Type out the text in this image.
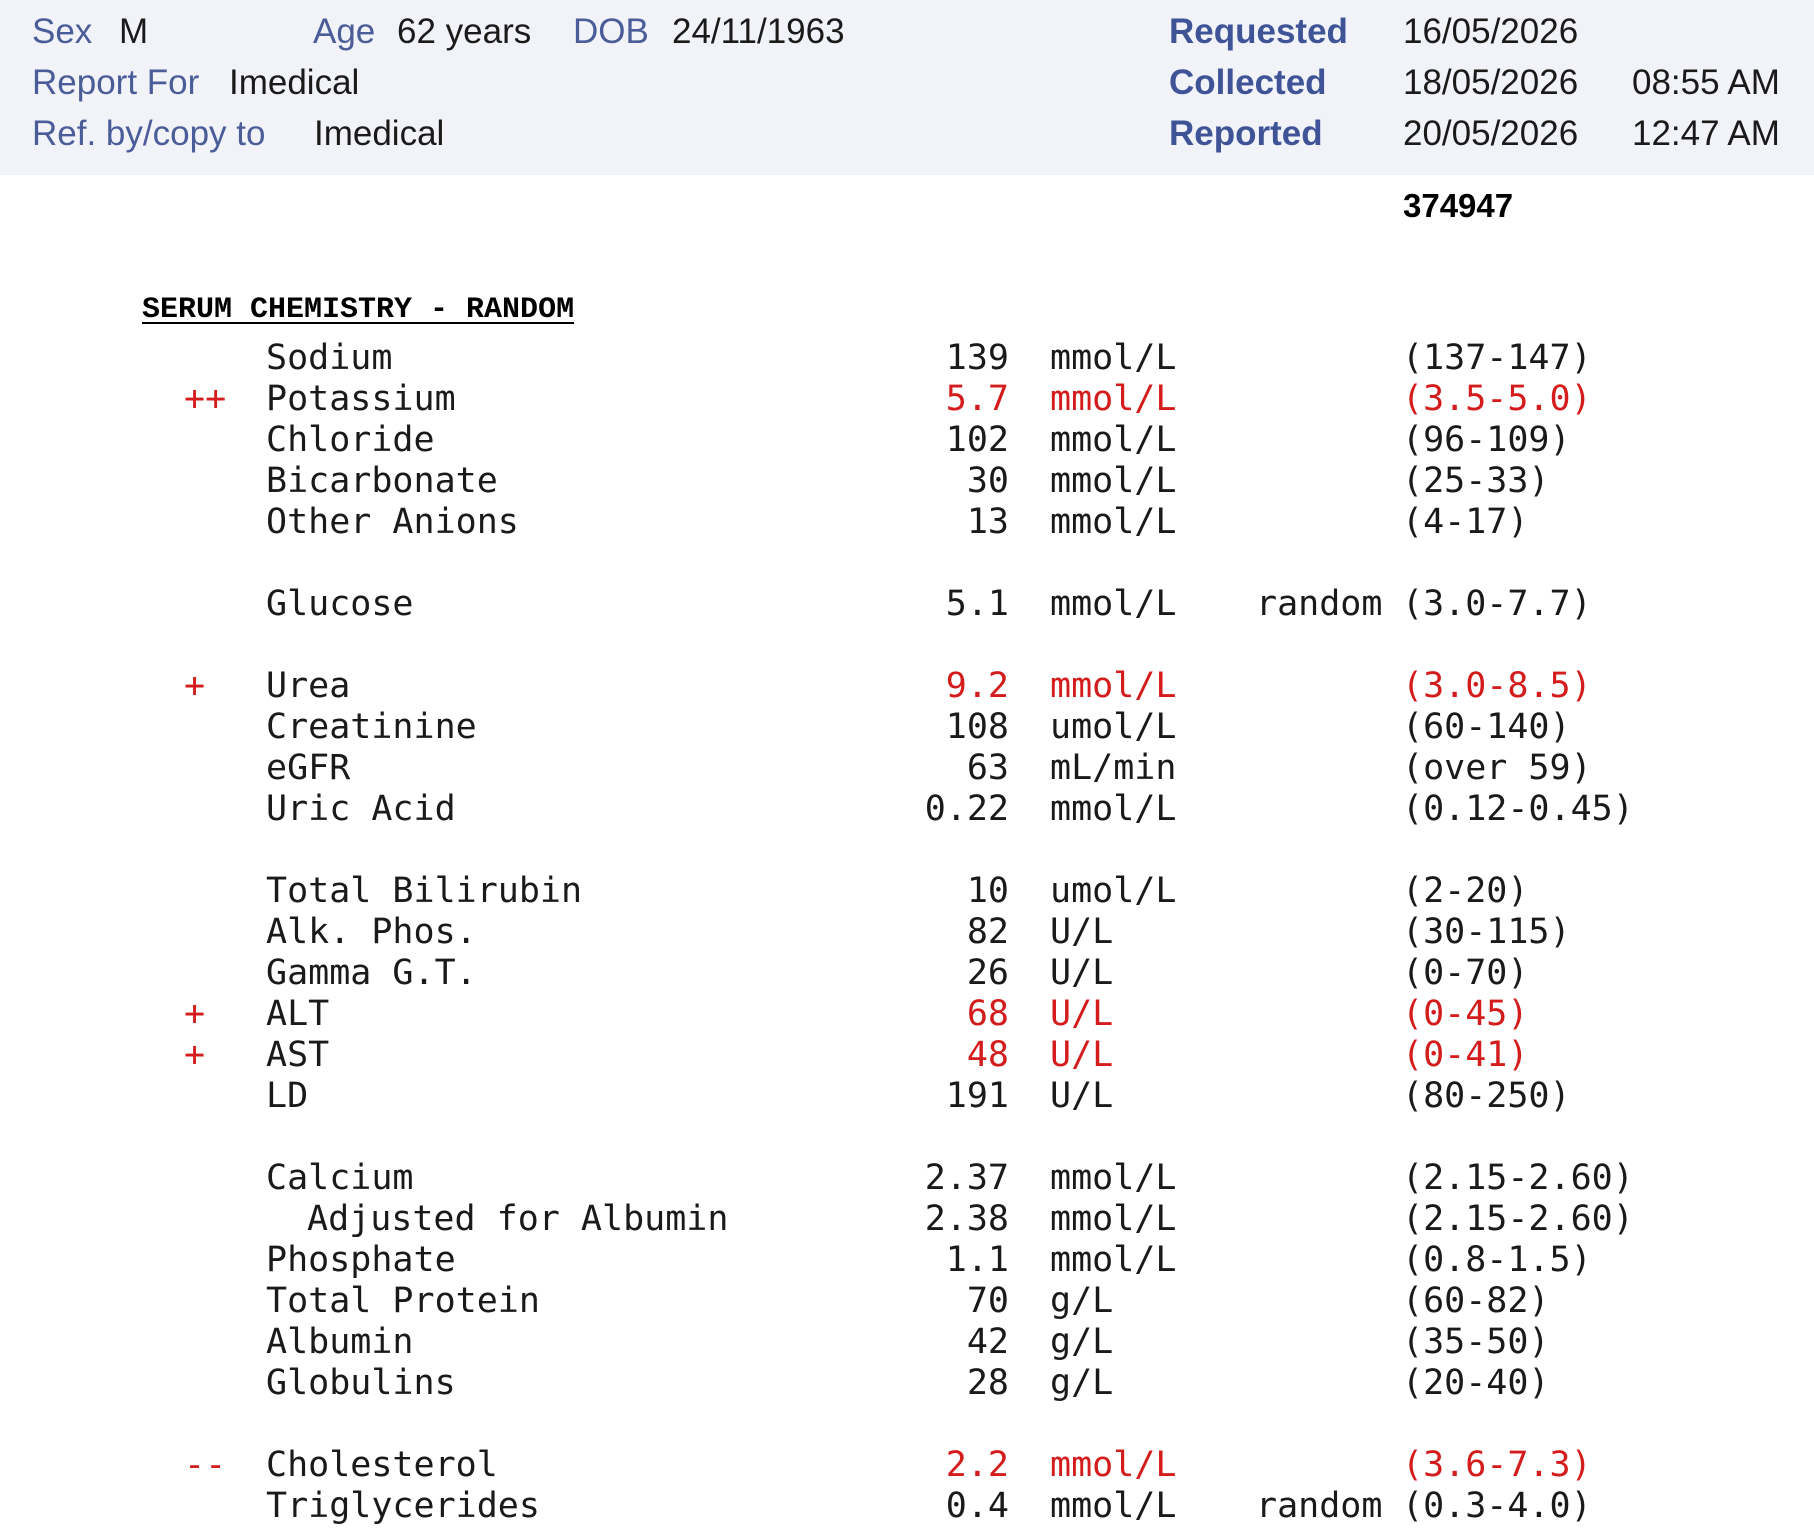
Sex M	Age 62 years DOB 24/11/1963
Report For Imedical
Ref. by/copy to Imedical
Requested 16/05/2026
Collected 18/05/2026 08:55 AM
Reported 20/05/2026 12:47 AM
374947
SERUM CHEMISTRY - RANDOM
Sodium	139 mmol/L	(137-147)
++ Potassium	5.7 mmol/L	(3.5-5.0)
Chloride	102 mmol/L	(96-109)
Bicarbonate	30 mmol/L	(25-33)
Other Anions	13 mmol/L	(4-17)
Glucose	5.1 mmol/L random (3.0-7.7)
+ Urea	9.2 mmol/L	(3.0-8.5)
Creatinine	108 umol/L	(60-140)
eGFR	63 mL/min	(over 59)
Uric Acid	0.22 mmol/L	(0.12-0.45)
Total Bilirubin	10 umol/L	(2-20)
Alk. Phos.	82 U/L	(30-115)
Gamma G.T.	26 U/L	(0-70)
+ ALT	68 U/L	(0-45)
+ AST	48 U/L	(0-41)
LD	191 U/L	(80-250)
Calcium	2.37 mmol/L	(2.15-2.60)
Adjusted for Albumin	2.38 mmol/L	(2.15-2.60)
Phosphate	1.1 mmol/L	(0.8-1.5)
Total Protein	70 g/L	(60-82)
Albumin	42 g/L	(35-50)
Globulins	28 g/L	(20-40)
-- Cholesterol	2.2 mmol/L	(3.6-7.3)
Triglycerides	0.4 mmol/L random (0.3-4.0)
